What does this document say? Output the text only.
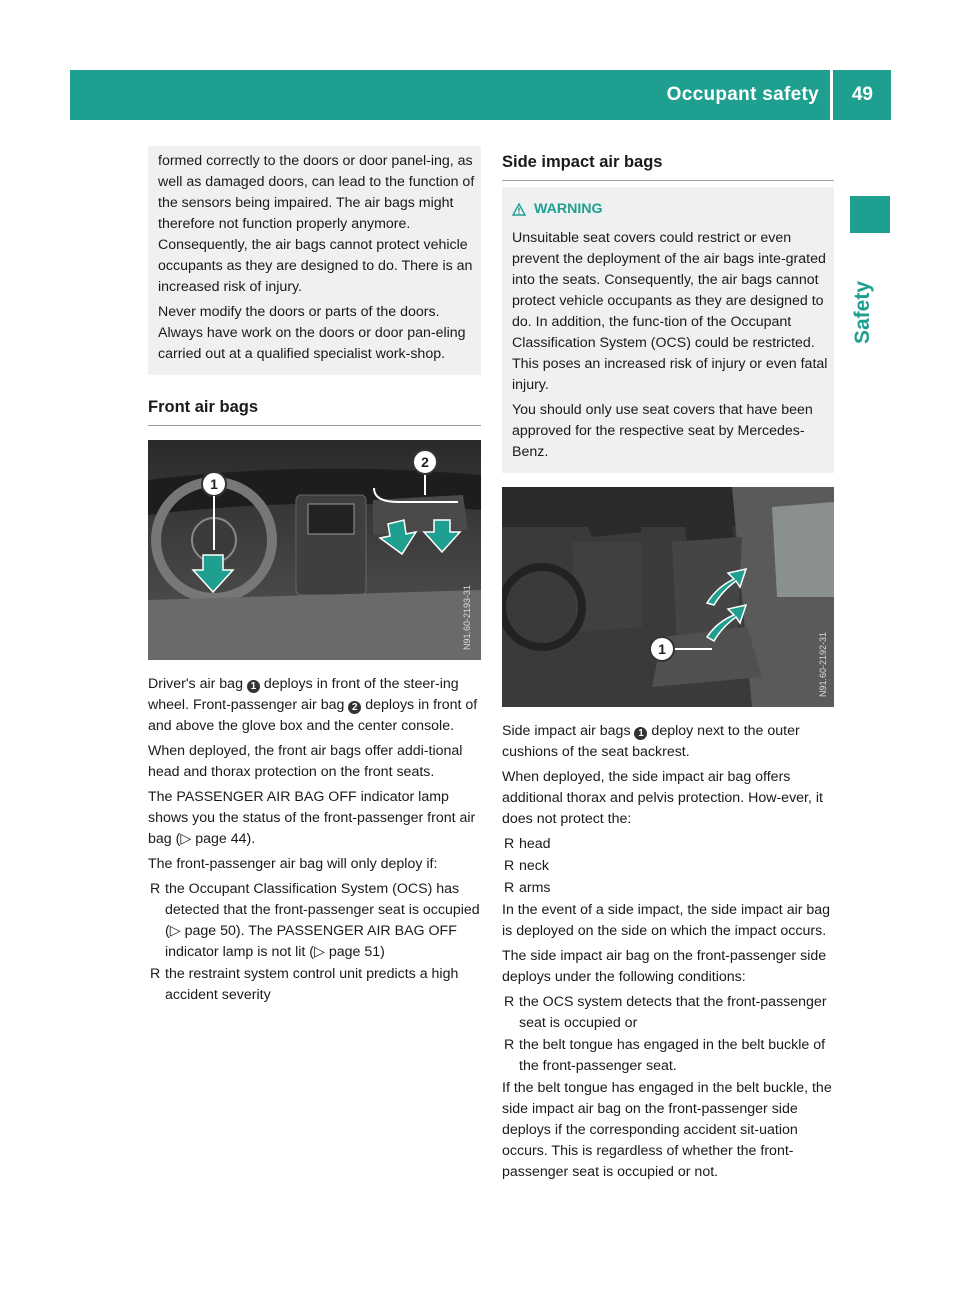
Occupant safety 49
Safety

formed correctly to the doors or door panel-ing, as well as damaged doors, can lead to the function of the sensors being impaired. The air bags might therefore not function properly anymore. Consequently, the air bags cannot protect vehicle occupants as they are designed to do. There is an increased risk of injury.

Never modify the doors or parts of the doors. Always have work on the doors or door pan-eling carried out at a qualified specialist work-shop.

Front air bags
1
2
N91.60-2193-31

Driver's air bag 1 deploys in front of the steer-ing wheel. Front-passenger air bag 2 deploys in front of and above the glove box and the center console.

When deployed, the front air bags offer addi-tional head and thorax protection on the front seats.

The PASSENGER AIR BAG OFF indicator lamp shows you the status of the front-passenger front air bag (▷ page 44).

The front-passenger air bag will only deploy if:

R the Occupant Classification System (OCS) has detected that the front-passenger seat is occupied (▷ page 50). The PASSENGER AIR BAG OFF indicator lamp is not lit (▷ page 51)
R the restraint system control unit predicts a high accident severity
Side impact air bags
WARNING

Unsuitable seat covers could restrict or even prevent the deployment of the air bags inte-grated into the seats. Consequently, the air bags cannot protect vehicle occupants as they are designed to do. In addition, the func-tion of the Occupant Classification System (OCS) could be restricted. This poses an increased risk of injury or even fatal injury.

You should only use seat covers that have been approved for the respective seat by Mercedes-Benz.

1	N91.60-2192-31

Side impact air bags 1 deploy next to the outer cushions of the seat backrest.

When deployed, the side impact air bag offers additional thorax and pelvis protection. How-ever, it does not protect the:

R head
R neck
R arms

In the event of a side impact, the side impact air bag is deployed on the side on which the impact occurs.

The side impact air bag on the front-passenger side deploys under the following conditions:

R the OCS system detects that the front-passenger seat is occupied or
R the belt tongue has engaged in the belt buckle of the front-passenger seat.

If the belt tongue has engaged in the belt buckle, the side impact air bag on the front-passenger side deploys if the corresponding accident sit-uation occurs. This is regardless of whether the front-passenger seat is occupied or not.
